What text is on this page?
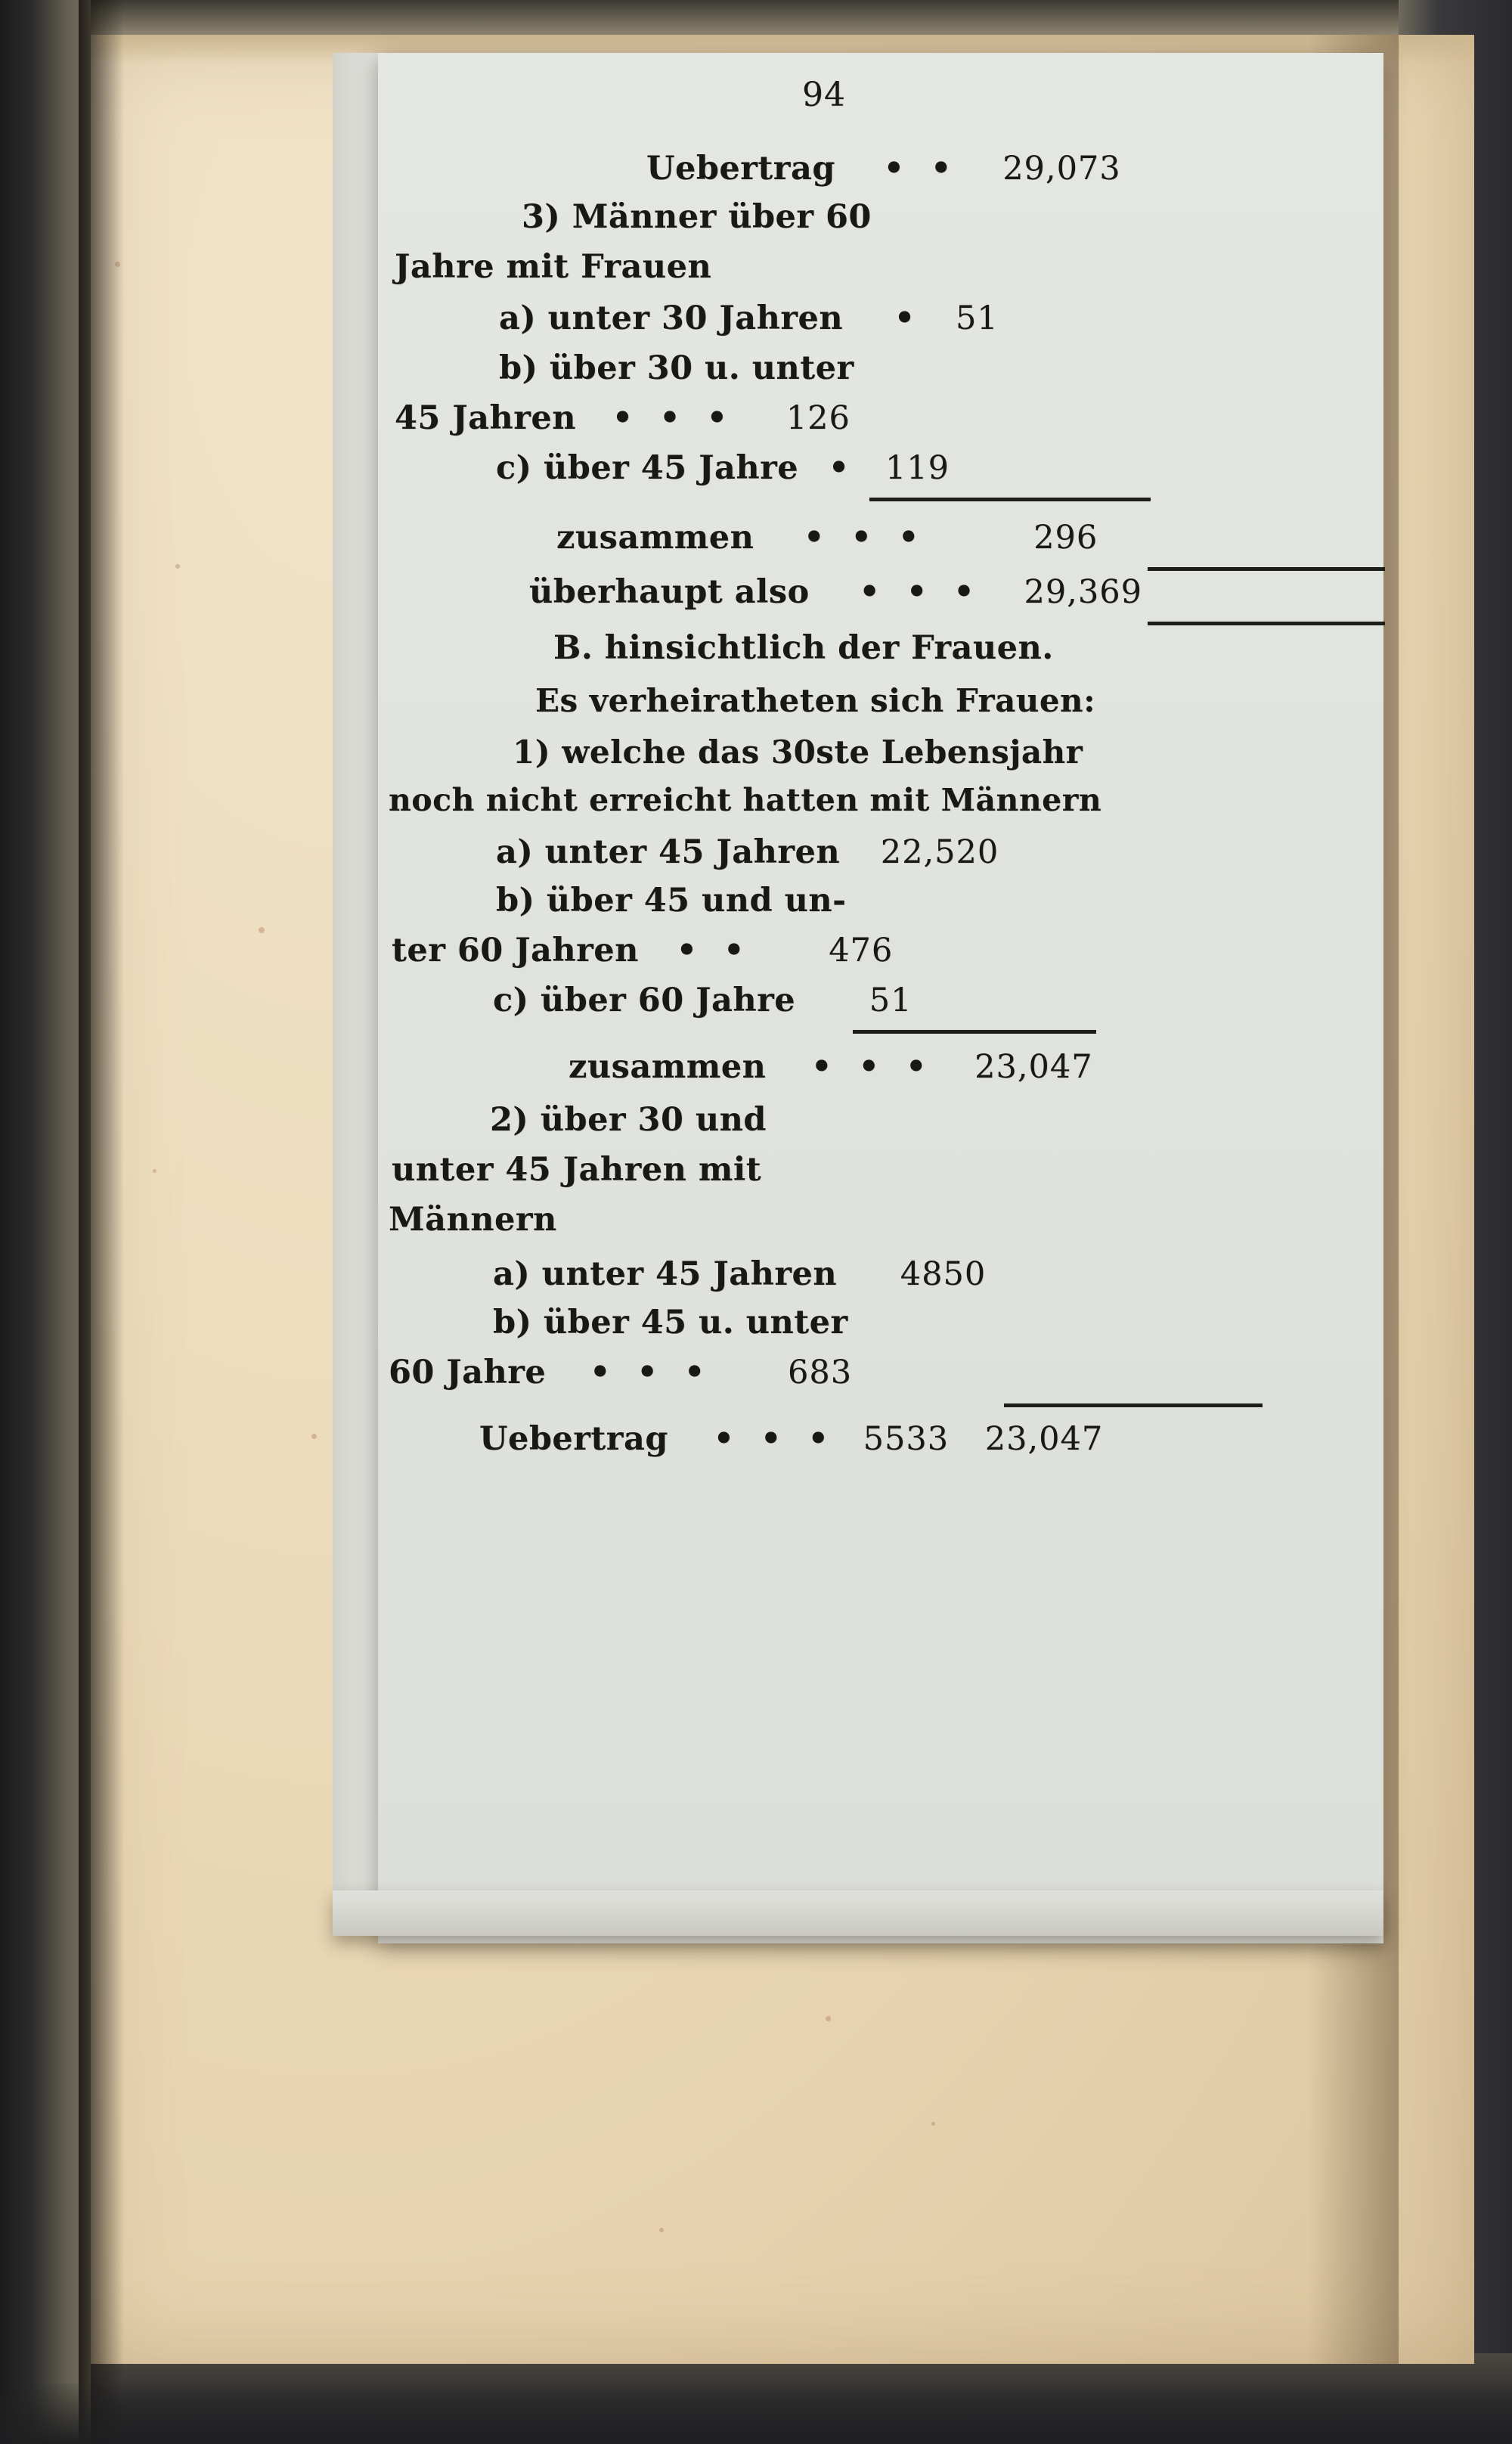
94
Uebertrag • • 29,073
3) Männer über 60
Jahre mit Frauen
a) unter 30 Jahren • 51
b) über 30 u. unter
45 Jahren • • • 126
c) über 45 Jahre • 119
zusammen • • •	296
überhaupt also • • • 29,369
B. hinsichtlich der Frauen.
Es verheiratheten sich Frauen:
1) welche das 30ste Lebensjahr
noch nicht erreicht hatten mit Männern
a) unter 45 Jahren 22,520
b) über 45 und un-
ter 60 Jahren • • 476
c) über 60 Jahre 51
zusammen • • • 23,047
2) über 30 und
unter 45 Jahren mit
Männern
a) unter 45 Jahren 4850
b) über 45 u. unter
60 Jahre • • • 683
Uebertrag • • • 5533 23,047
